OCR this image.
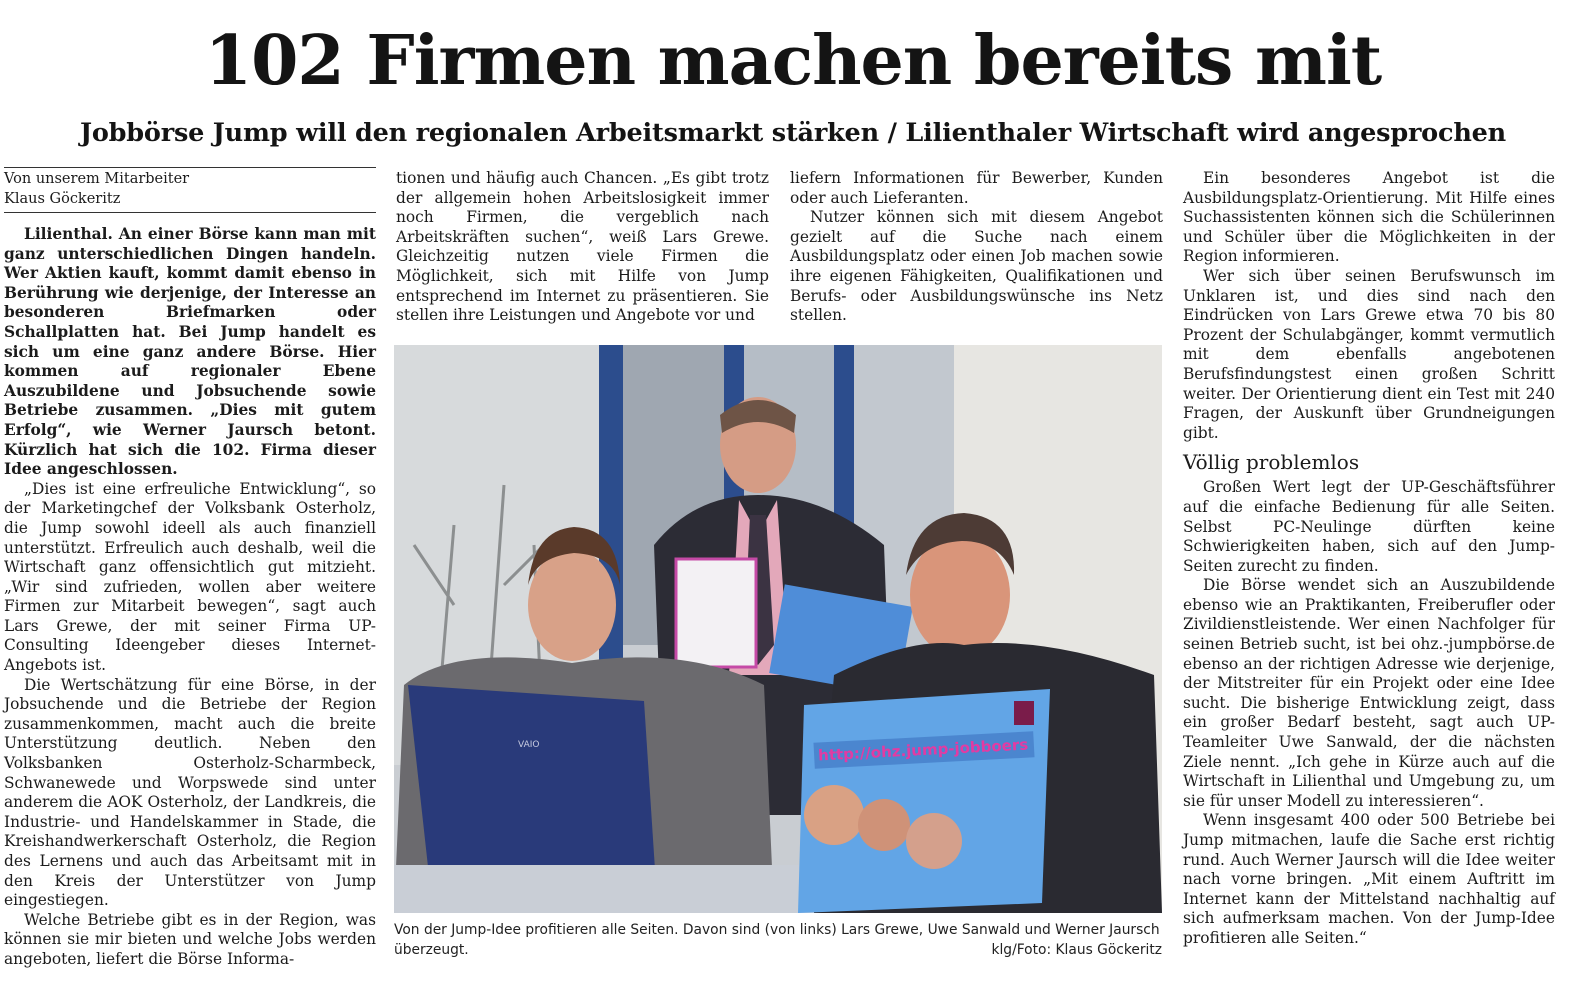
102 Firmen machen bereits mit
Jobbörse Jump will den regionalen Arbeitsmarkt stärken / Lilienthaler Wirtschaft wird angesprochen
Von unserem Mitarbeiter
Klaus Göckeritz

Lilienthal. An einer Börse kann man mit ganz unterschiedlichen Dingen handeln. Wer Aktien kauft, kommt damit ebenso in Berührung wie derjenige, der Interesse an besonderen Briefmarken oder Schallplatten hat. Bei Jump handelt es sich um eine ganz andere Börse. Hier kommen auf regionaler Ebene Auszubildene und Jobsuchende sowie Betriebe zusammen. „Dies mit gutem Erfolg“, wie Werner Jaursch betont. Kürzlich hat sich die 102. Firma dieser Idee angeschlossen.

„Dies ist eine erfreuliche Entwicklung“, so der Marketingchef der Volksbank Osterholz, die Jump sowohl ideell als auch finanziell unterstützt. Erfreulich auch deshalb, weil die Wirtschaft ganz offensichtlich gut mitzieht. „Wir sind zufrieden, wollen aber weitere Firmen zur Mitarbeit bewegen“, sagt auch Lars Grewe, der mit seiner Firma UP-Consulting Ideengeber dieses Internet-Angebots ist.

Die Wertschätzung für eine Börse, in der Jobsuchende und die Betriebe der Region zusammenkommen, macht auch die breite Unterstützung deutlich. Neben den Volksbanken Osterholz-Scharmbeck, Schwanewede und Worpswede sind unter anderem die AOK Osterholz, der Landkreis, die Industrie- und Handelskammer in Stade, die Kreishandwerkerschaft Osterholz, die Region des Lernens und auch das Arbeitsamt mit in den Kreis der Unterstützer von Jump eingestiegen.

Welche Betriebe gibt es in der Region, was können sie mir bieten und welche Jobs werden angeboten, liefert die Börse Informa-

tionen und häufig auch Chancen. „Es gibt trotz der allgemein hohen Arbeitslosigkeit immer noch Firmen, die vergeblich nach Arbeitskräften suchen“, weiß Lars Grewe. Gleichzeitig nutzen viele Firmen die Möglichkeit, sich mit Hilfe von Jump entsprechend im Internet zu präsentieren. Sie stellen ihre Leistungen und Angebote vor und

liefern Informationen für Bewerber, Kunden oder auch Lieferanten.

Nutzer können sich mit diesem Angebot gezielt auf die Suche nach einem Ausbildungsplatz oder einen Job machen sowie ihre eigenen Fähigkeiten, Qualifikationen und Berufs- oder Ausbildungswünsche ins Netz stellen.

Ein besonderes Angebot ist die Ausbildungsplatz-Orientierung. Mit Hilfe eines Suchassistenten können sich die Schülerinnen und Schüler über die Möglichkeiten in der Region informieren.

Wer sich über seinen Berufswunsch im Unklaren ist, und dies sind nach den Eindrücken von Lars Grewe etwa 70 bis 80 Prozent der Schulabgänger, kommt vermutlich mit dem ebenfalls angebotenen Berufsfindungstest einen großen Schritt weiter. Der Orientierung dient ein Test mit 240 Fragen, der Auskunft über Grundneigungen gibt.

Völlig problemlos

Großen Wert legt der UP-Geschäftsführer auf die einfache Bedienung für alle Seiten. Selbst PC-Neulinge dürften keine Schwierigkeiten haben, sich auf den Jump-Seiten zurecht zu finden.

Die Börse wendet sich an Auszubildende ebenso wie an Praktikanten, Freiberufler oder Zivildienstleistende. Wer einen Nachfolger für seinen Betrieb sucht, ist bei ohz.-jumpbörse.de ebenso an der richtigen Adresse wie derjenige, der Mitstreiter für ein Projekt oder eine Idee sucht. Die bisherige Entwicklung zeigt, dass ein großer Bedarf besteht, sagt auch UP-Teamleiter Uwe Sanwald, der die nächsten Ziele nennt. „Ich gehe in Kürze auch auf die Wirtschaft in Lilienthal und Umgebung zu, um sie für unser Modell zu interessieren“.

Wenn insgesamt 400 oder 500 Betriebe bei Jump mitmachen, laufe die Sache erst richtig rund. Auch Werner Jaursch will die Idee weiter nach vorne bringen. „Mit einem Auftritt im Internet kann der Mittelstand nachhaltig auf sich aufmerksam machen. Von der Jump-Idee profitieren alle Seiten.“

VAIO	http://ohz.jump-jobboers
Von der Jump-Idee profitieren alle Seiten. Davon sind (von links) Lars Grewe, Uwe Sanwald und Werner Jaursch überzeugt.	klg/Foto: Klaus Göckeritz
